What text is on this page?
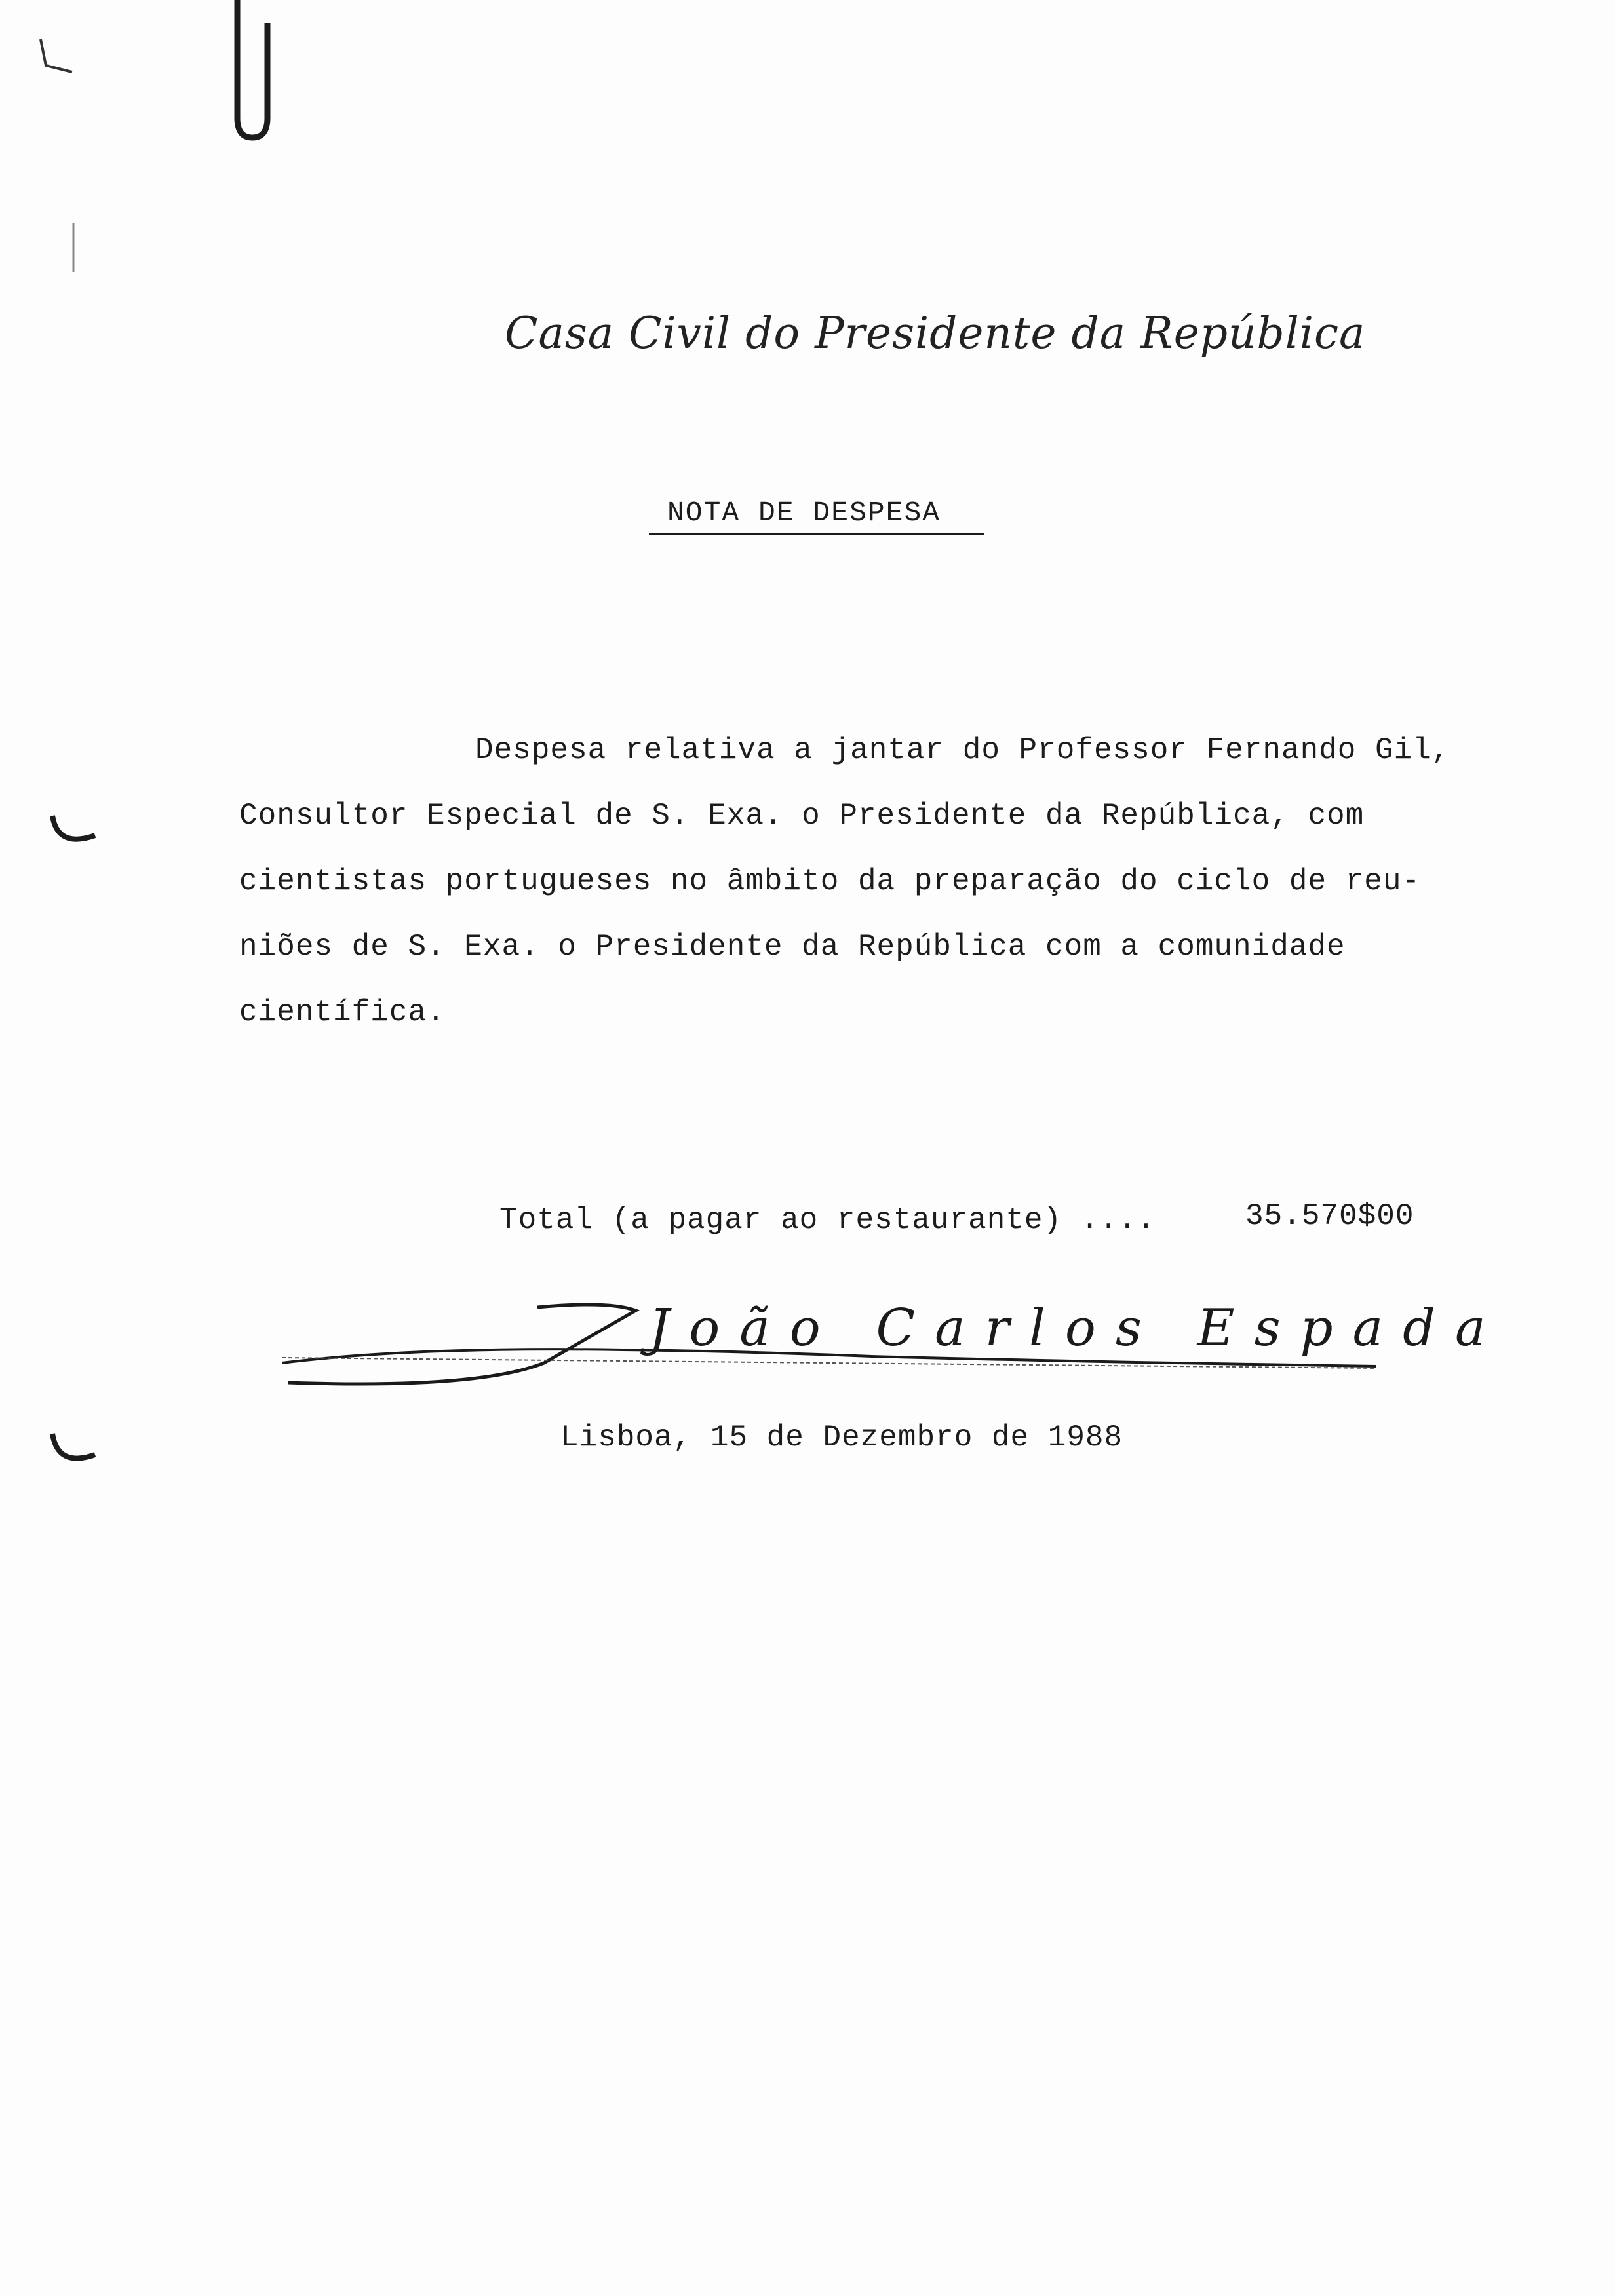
Casa Civil do Presidente da República
NOTA DE DESPESA
Despesa relativa a jantar do Professor Fernando Gil,
Consultor Especial de S. Exa. o Presidente da República, com
cientistas portugueses no âmbito da preparação do ciclo de reu-
niões de S. Exa. o Presidente da República com a comunidade
científica.
Total (a pagar ao restaurante) ....	35.570$00
João Carlos Espada
Lisboa, 15 de Dezembro de 1988
